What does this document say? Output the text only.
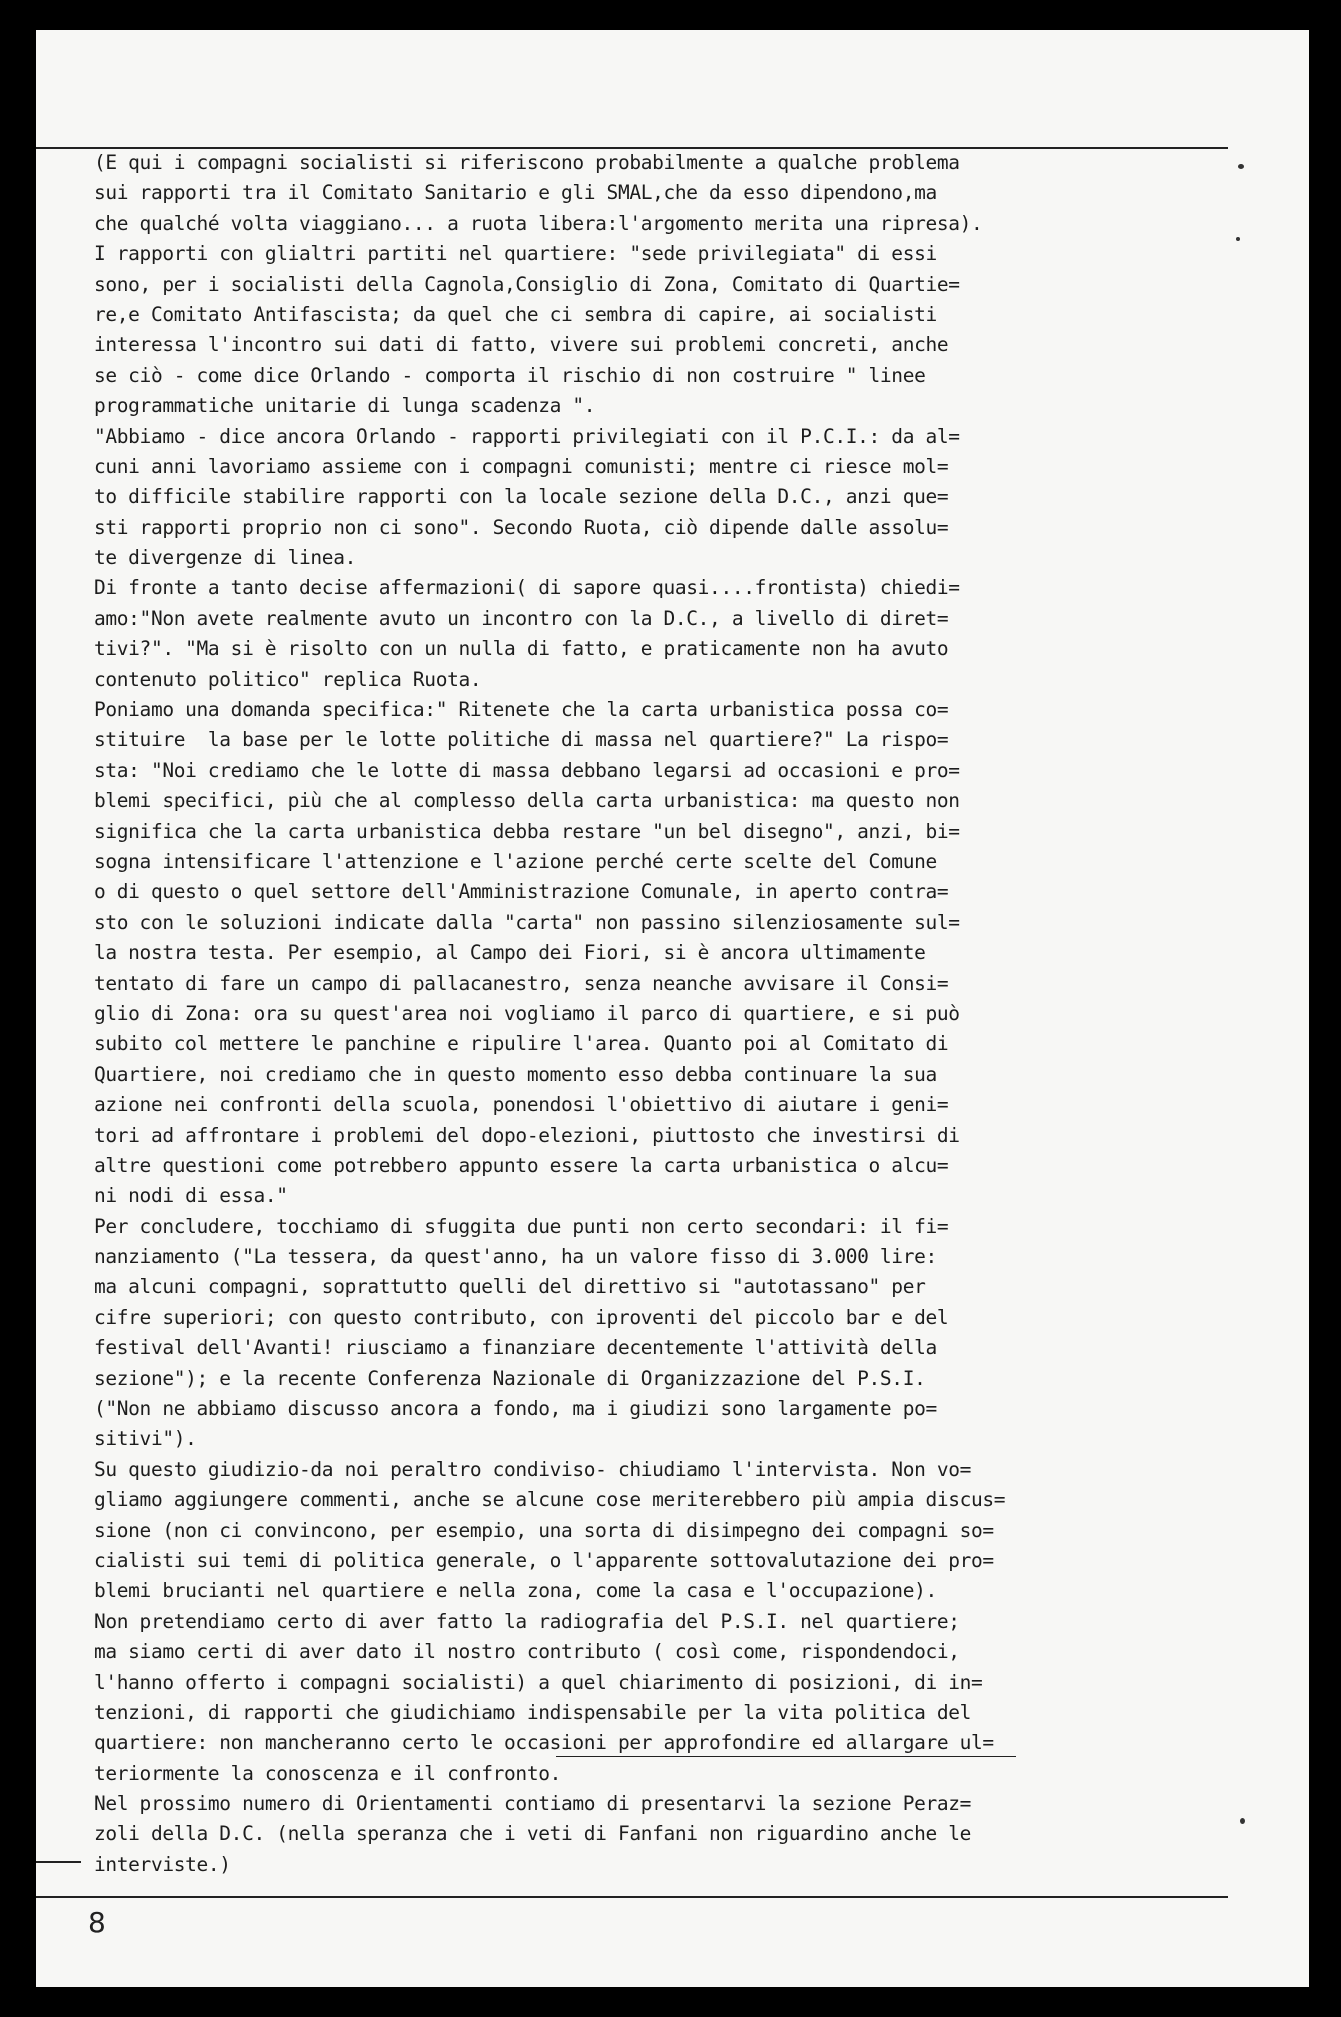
(E qui i compagni socialisti si riferiscono probabilmente a qualche problema

sui rapporti tra il Comitato Sanitario e gli SMAL,che da esso dipendono,ma

che qualché volta viaggiano... a ruota libera:l'argomento merita una ripresa).

I rapporti con glialtri partiti nel quartiere: "sede privilegiata" di essi

sono, per i socialisti della Cagnola,Consiglio di Zona, Comitato di Quartie=

re,e Comitato Antifascista; da quel che ci sembra di capire, ai socialisti

interessa l'incontro sui dati di fatto, vivere sui problemi concreti, anche

se ciò - come dice Orlando - comporta il rischio di non costruire " linee

programmatiche unitarie di lunga scadenza ".

"Abbiamo - dice ancora Orlando - rapporti privilegiati con il P.C.I.: da al=

cuni anni lavoriamo assieme con i compagni comunisti; mentre ci riesce mol=

to difficile stabilire rapporti con la locale sezione della D.C., anzi que=

sti rapporti proprio non ci sono". Secondo Ruota, ciò dipende dalle assolu=

te divergenze di linea.

Di fronte a tanto decise affermazioni( di sapore quasi....frontista) chiedi=

amo:"Non avete realmente avuto un incontro con la D.C., a livello di diret=

tivi?". "Ma si è risolto con un nulla di fatto, e praticamente non ha avuto

contenuto politico" replica Ruota.

Poniamo una domanda specifica:" Ritenete che la carta urbanistica possa co=

stituire  la base per le lotte politiche di massa nel quartiere?" La rispo=

sta: "Noi crediamo che le lotte di massa debbano legarsi ad occasioni e pro=

blemi specifici, più che al complesso della carta urbanistica: ma questo non

significa che la carta urbanistica debba restare "un bel disegno", anzi, bi=

sogna intensificare l'attenzione e l'azione perché certe scelte del Comune

o di questo o quel settore dell'Amministrazione Comunale, in aperto contra=

sto con le soluzioni indicate dalla "carta" non passino silenziosamente sul=

la nostra testa. Per esempio, al Campo dei Fiori, si è ancora ultimamente

tentato di fare un campo di pallacanestro, senza neanche avvisare il Consi=

glio di Zona: ora su quest'area noi vogliamo il parco di quartiere, e si può

subito col mettere le panchine e ripulire l'area. Quanto poi al Comitato di

Quartiere, noi crediamo che in questo momento esso debba continuare la sua

azione nei confronti della scuola, ponendosi l'obiettivo di aiutare i geni=

tori ad affrontare i problemi del dopo-elezioni, piuttosto che investirsi di

altre questioni come potrebbero appunto essere la carta urbanistica o alcu=

ni nodi di essa."

Per concludere, tocchiamo di sfuggita due punti non certo secondari: il fi=

nanziamento ("La tessera, da quest'anno, ha un valore fisso di 3.000 lire:

ma alcuni compagni, soprattutto quelli del direttivo si "autotassano" per

cifre superiori; con questo contributo, con iproventi del piccolo bar e del

festival dell'Avanti! riusciamo a finanziare decentemente l'attività della

sezione"); e la recente Conferenza Nazionale di Organizzazione del P.S.I.

("Non ne abbiamo discusso ancora a fondo, ma i giudizi sono largamente po=

sitivi").

Su questo giudizio-da noi peraltro condiviso- chiudiamo l'intervista. Non vo=

gliamo aggiungere commenti, anche se alcune cose meriterebbero più ampia discus=

sione (non ci convincono, per esempio, una sorta di disimpegno dei compagni so=

cialisti sui temi di politica generale, o l'apparente sottovalutazione dei pro=

blemi brucianti nel quartiere e nella zona, come la casa e l'occupazione).

Non pretendiamo certo di aver fatto la radiografia del P.S.I. nel quartiere;

ma siamo certi di aver dato il nostro contributo ( così come, rispondendoci,

l'hanno offerto i compagni socialisti) a quel chiarimento di posizioni, di in=

tenzioni, di rapporti che giudichiamo indispensabile per la vita politica del

quartiere: non mancheranno certo le occasioni per approfondire ed allargare ul=

teriormente la conoscenza e il confronto.

Nel prossimo numero di Orientamenti contiamo di presentarvi la sezione Peraz=

zoli della D.C. (nella speranza che i veti di Fanfani non riguardino anche le

interviste.)

8
